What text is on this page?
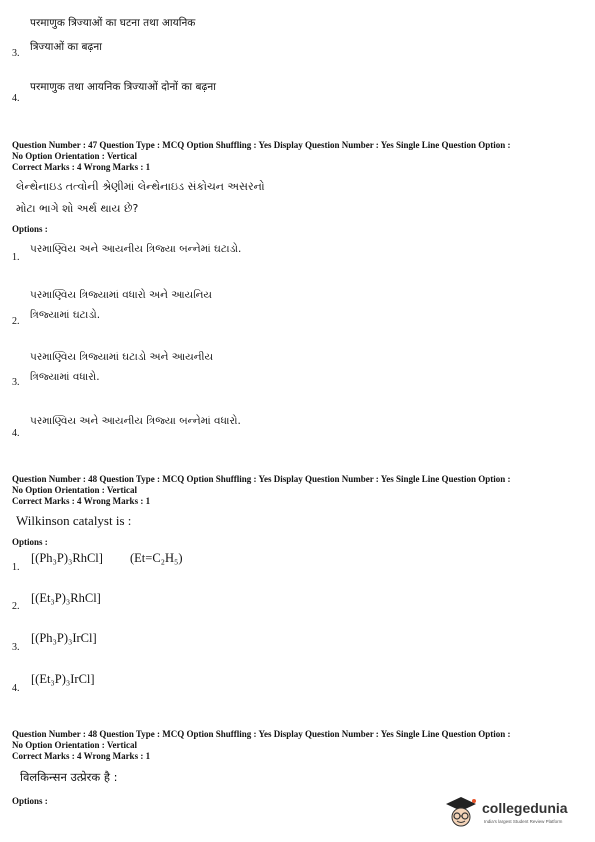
परमाणुक त्रिज्याओं का घटना तथा आयनिक
त्रिज्याओं का बढ़ना
3.
परमाणुक तथा आयनिक त्रिज्याओं दोनों का बढ़ना
4.
Question Number : 47 Question Type : MCQ Option Shuffling : Yes Display Question Number : Yes Single Line Question Option :
No Option Orientation : Vertical
Correct Marks : 4 Wrong Marks : 1
લેન્થેનાઇડ તત્વોની શ્રેણીમાં લેન્થેનાઇડ સંકોચન અસરનો
મોટા ભાગે શો અર્થ થાય છે?
Options :
પરમાણ્વિય અને આયનીય ત્રિજ્યા બન્નેમાં ઘટાડો.
1.
પરમાણ્વિય ત્રિજ્યામાં વધારો અને આયનિય
ત્રિજ્યામાં ઘટાડો.
2.
પરમાણ્વિય ત્રિજ્યામાં ઘટાડો અને આયનીય
ત્રિજ્યામાં વધારો.
3.
પરમાણ્વિય અને આયનીય ત્રિજ્યા બન્નેમાં વધારો.
4.
Question Number : 48 Question Type : MCQ Option Shuffling : Yes Display Question Number : Yes Single Line Question Option :
No Option Orientation : Vertical
Correct Marks : 4 Wrong Marks : 1
Wilkinson catalyst is :
Options :
[(Ph₃P)₃RhCl] (Et=C₂H₅)
1.
[(Et₃P)₃RhCl]
2.
[(Ph₃P)₃IrCl]
3.
[(Et₃P)₃IrCl]
4.
Question Number : 48 Question Type : MCQ Option Shuffling : Yes Display Question Number : Yes Single Line Question Option :
No Option Orientation : Vertical
Correct Marks : 4 Wrong Marks : 1
विलकिन्सन उत्प्रेरक है :
Options :	collegedunia
India's largest Student Review Platform
